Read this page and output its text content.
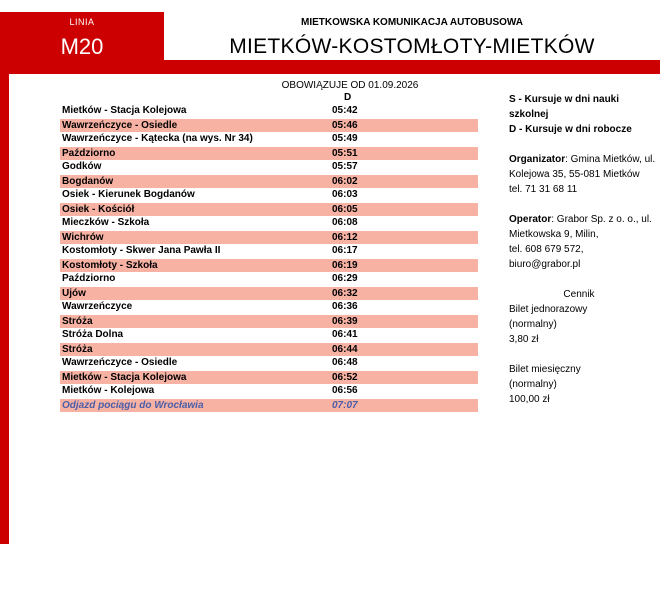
LINIA
M20
MIETKOWSKA KOMUNIKACJA AUTOBUSOWA
MIETKÓW-KOSTOMŁOTY-MIETKÓW
OBOWIĄZUJE OD 01.09.2026
D	
Mietków - Stacja Kolejowa	05:42
Wawrzeńczyce - Osiedle	05:46
Wawrzeńczyce - Kątecka (na wys. Nr 34)	05:49
Paździorno	05:51
Godków	05:57
Bogdanów	06:02
Osiek - Kierunek Bogdanów	06:03
Osiek - Kościół	06:05
Mieczków - Szkoła	06:08
Wichrów	06:12
Kostomłoty - Skwer Jana Pawła II	06:17
Kostomłoty - Szkoła	06:19
Paździorno	06:29
Ujów	06:32
Wawrzeńczyce	06:36
Stróża	06:39
Stróża Dolna	06:41
Stróża	06:44
Wawrzeńczyce - Osiedle	06:48
Mietków - Stacja Kolejowa	06:52
Mietków - Kolejowa	06:56
Odjazd pociągu do Wrocławia	07:07
S - Kursuje w dni nauki szkolnej
D - Kursuje w dni robocze
Organizator: Gmina Mietków, ul. Kolejowa 35, 55-081 Mietków
tel. 71 31 68 11
Operator: Grabor Sp. z o. o., ul. Mietkowska 9, Milin,
tel. 608 679 572,
biuro@grabor.pl
Cennik
Bilet jednorazowy
(normalny)
3,80 zł
Bilet miesięczny
(normalny)
100,00 zł
